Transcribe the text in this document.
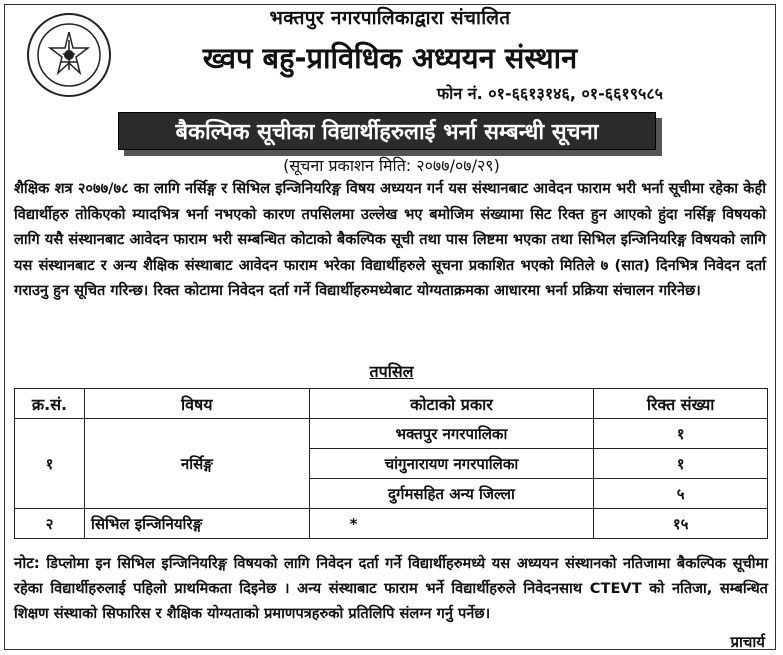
भक्तपुर नगरपालिकाद्वारा संचालित
ख्वप बहु-प्राविधिक अध्ययन संस्थान
फोन नं. ०१-६६१३१४६, ०१-६६१९५८५
बैकल्पिक सूचीका विद्यार्थीहरुलाई भर्ना सम्बन्धी सूचना
(सूचना प्रकाशन मिति: २०७७/०७/२९)
शैक्षिक शत्र २०७७/७८ का लागि नर्सिङ्ग र सिभिल इन्जिनियरिङ्ग विषय अध्ययन गर्न यस संस्थानबाट आवेदन फाराम भरी भर्ना सूचीमा रहेका केही विद्यार्थीहरु तोकिएको म्यादभित्र भर्ना नभएको कारण तपसिलमा उल्लेख भए बमोजिम संख्यामा सिट रिक्त हुन आएको हुंदा नर्सिङ्ग विषयको लागि यसै संस्थानबाट आवेदन फाराम भरी सम्बन्धित कोटाको बैकल्पिक सूची तथा पास लिष्टमा भएका तथा सिभिल इन्जिनियरिङ्ग विषयको लागि यस संस्थानबाट र अन्य शैक्षिक संस्थाबाट आवेदन फाराम भरेका विद्यार्थीहरुले सूचना प्रकाशित भएको मितिले ७ (सात) दिनभित्र निवेदन दर्ता गराउनु हुन सूचित गरिन्छ। रिक्त कोटामा निवेदन दर्ता गर्ने विद्यार्थीहरुमध्येबाट योग्यताक्रमका आधारमा भर्ना प्रक्रिया संचालन गरिनेछ।
तपसिल
क्र.सं.	विषय	कोटाको प्रकार	रिक्त संख्या
१	नर्सिङ्ग	भक्तपुर नगरपालिका	१
		चांगुनारायण नगरपालिका	१
		दुर्गमसहित अन्य जिल्ला	५
२	सिभिल इन्जिनियरिङ्ग	*	१५
नोट: डिप्लोमा इन सिभिल इन्जिनियरिङ्ग विषयको लागि निवेदन दर्ता गर्ने विद्यार्थीहरुमध्ये यस अध्ययन संस्थानको नतिजामा बैकल्पिक सूचीमा रहेका विद्यार्थीहरुलाई पहिलो प्राथमिकता दिइनेछ । अन्य संस्थाबाट फाराम भर्ने विद्यार्थीहरुले निवेदनसाथ CTEVT को नतिजा, सम्बन्धित शिक्षण संस्थाको सिफारिस र शैक्षिक योग्यताको प्रमाणपत्रहरुको प्रतिलिपि संलग्न गर्नु पर्नेछ।
प्राचार्य
